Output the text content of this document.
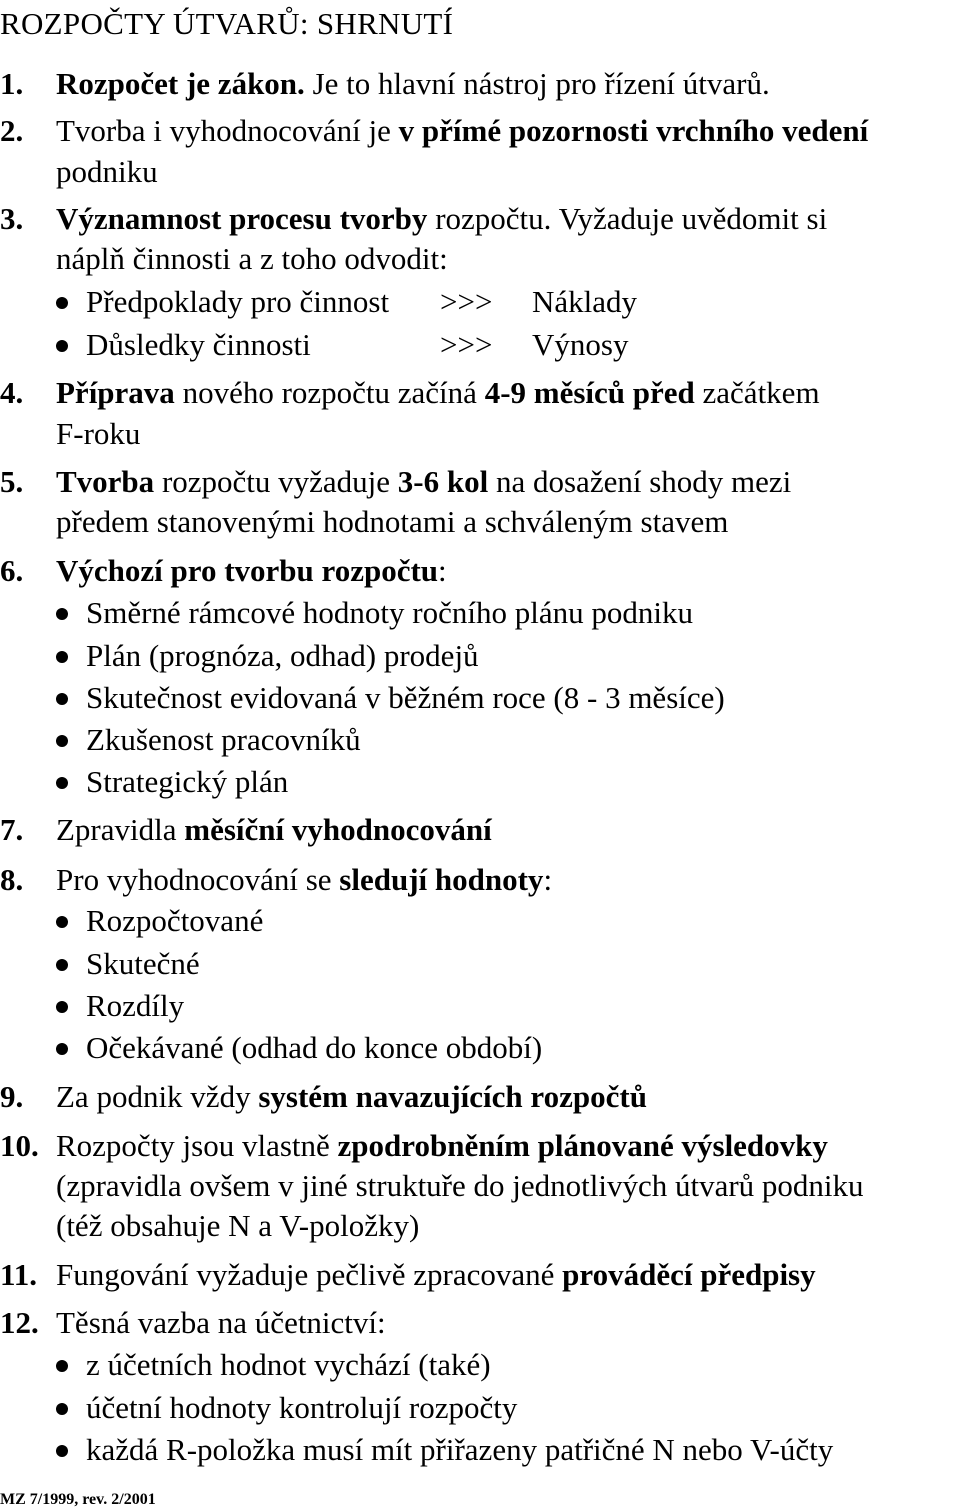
ROZPOČTY ÚTVARŮ: SHRNUTÍ
1. Rozpočet je zákon. Je to hlavní nástroj pro řízení útvarů.
2. Tvorba i vyhodnocování je v přímé pozornosti vrchního vedení
podniku
3. Významnost procesu tvorby rozpočtu. Vyžaduje uvědomit si
náplň činnosti a z toho odvodit:
Předpoklady pro činnost >>> Náklady
Důsledky činnosti	>>> Výnosy
4. Příprava nového rozpočtu začíná 4-9 měsíců před začátkem
F-roku
5. Tvorba rozpočtu vyžaduje 3-6 kol na dosažení shody mezi
předem stanovenými hodnotami a schváleným stavem
6. Výchozí pro tvorbu rozpočtu:
Směrné rámcové hodnoty ročního plánu podniku
Plán (prognóza, odhad) prodejů
Skutečnost evidovaná v běžném roce (8 - 3 měsíce)
Zkušenost pracovníků
Strategický plán
7. Zpravidla měsíční vyhodnocování
8. Pro vyhodnocování se sledují hodnoty:
Rozpočtované
Skutečné
Rozdíly
Očekávané (odhad do konce období)
9. Za podnik vždy systém navazujících rozpočtů
10. Rozpočty jsou vlastně zpodrobněním plánované výsledovky
(zpravidla ovšem v jiné struktuře do jednotlivých útvarů podniku
(též obsahuje N a V-položky)
11. Fungování vyžaduje pečlivě zpracované prováděcí předpisy
12. Těsná vazba na účetnictví:
z účetních hodnot vychází (také)
účetní hodnoty kontrolují rozpočty
každá R-položka musí mít přiřazeny patřičné N nebo V-účty
MZ 7/1999, rev. 2/2001
